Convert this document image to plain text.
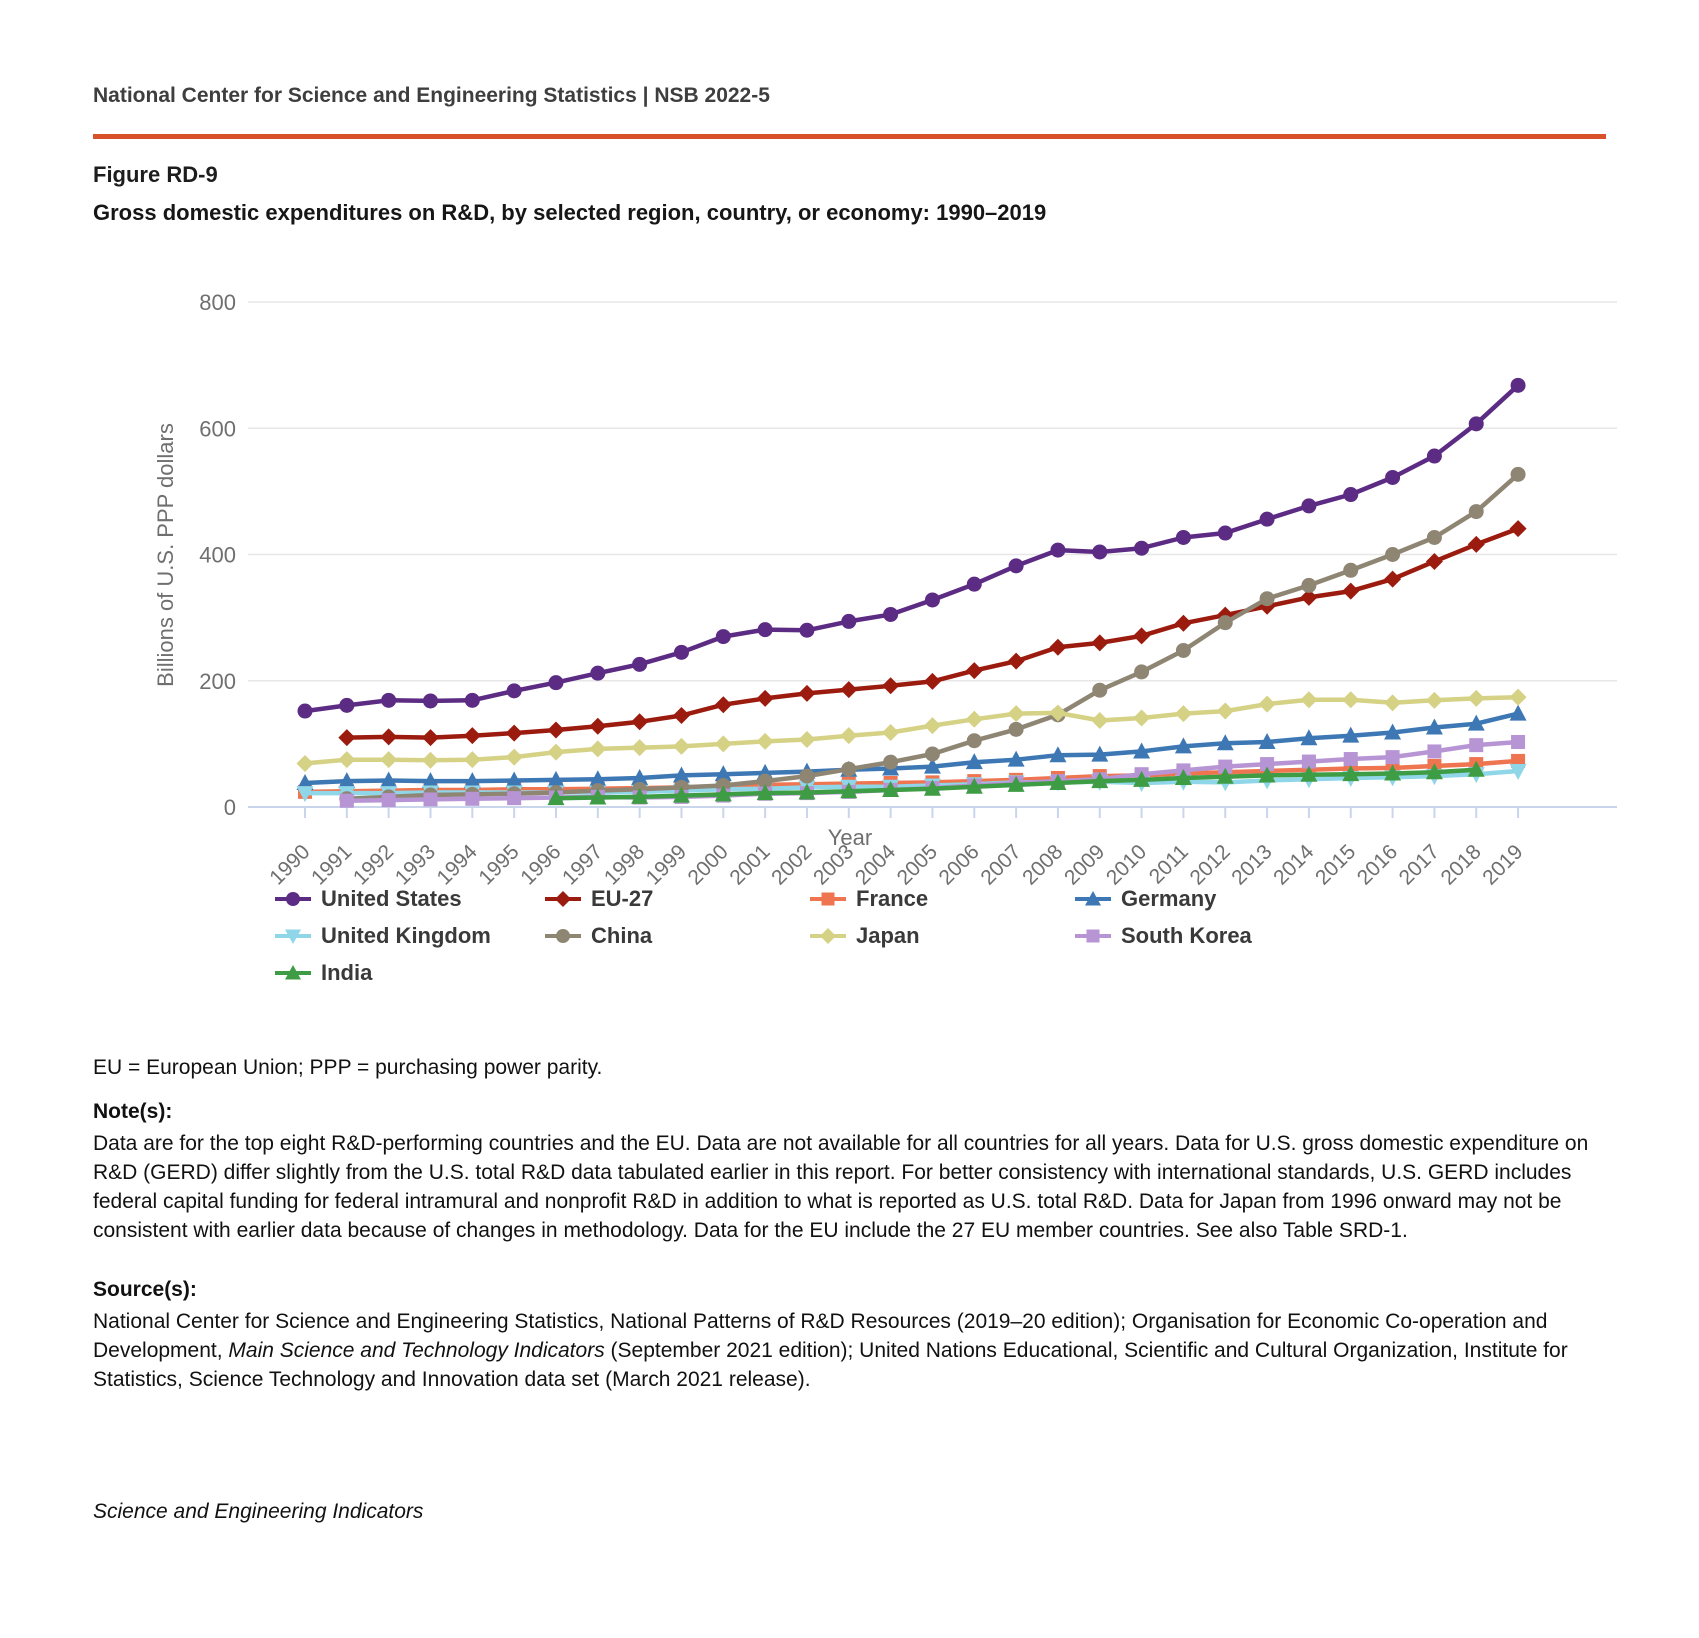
National Center for Science and Engineering Statistics | NSB 2022-5
Figure RD-9
Gross domestic expenditures on R&D, by selected region, country, or economy: 1990–2019
0
200
400
600
800
1990
1991
1992
1993
1994
1995
1996
1997
1998
1999
2000
2001
2002
2003
2004
2005
2006
2007
2008
2009
2010
2011
2012
2013
2014
2015
2016
2017
2018
2019
Billions of U.S. PPP dollars
Year
United States	EU-27	France	Germany
United Kingdom	China	Japan	South Korea
India
EU = European Union; PPP = purchasing power parity.
Note(s):
Data are for the top eight R&D-performing countries and the EU. Data are not available for all countries for all years. Data for U.S. gross domestic expenditure on R&D (GERD) differ slightly from the U.S. total R&D data tabulated earlier in this report. For better consistency with international standards, U.S. GERD includes federal capital funding for federal intramural and nonprofit R&D in addition to what is reported as U.S. total R&D. Data for Japan from 1996 onward may not be consistent with earlier data because of changes in methodology. Data for the EU include the 27 EU member countries. See also Table SRD-1.
Source(s):
National Center for Science and Engineering Statistics, National Patterns of R&D Resources (2019–20 edition); Organisation for Economic Co-operation and Development, Main Science and Technology Indicators (September 2021 edition); United Nations Educational, Scientific and Cultural Organization, Institute for Statistics, Science Technology and Innovation data set (March 2021 release).
Science and Engineering Indicators
